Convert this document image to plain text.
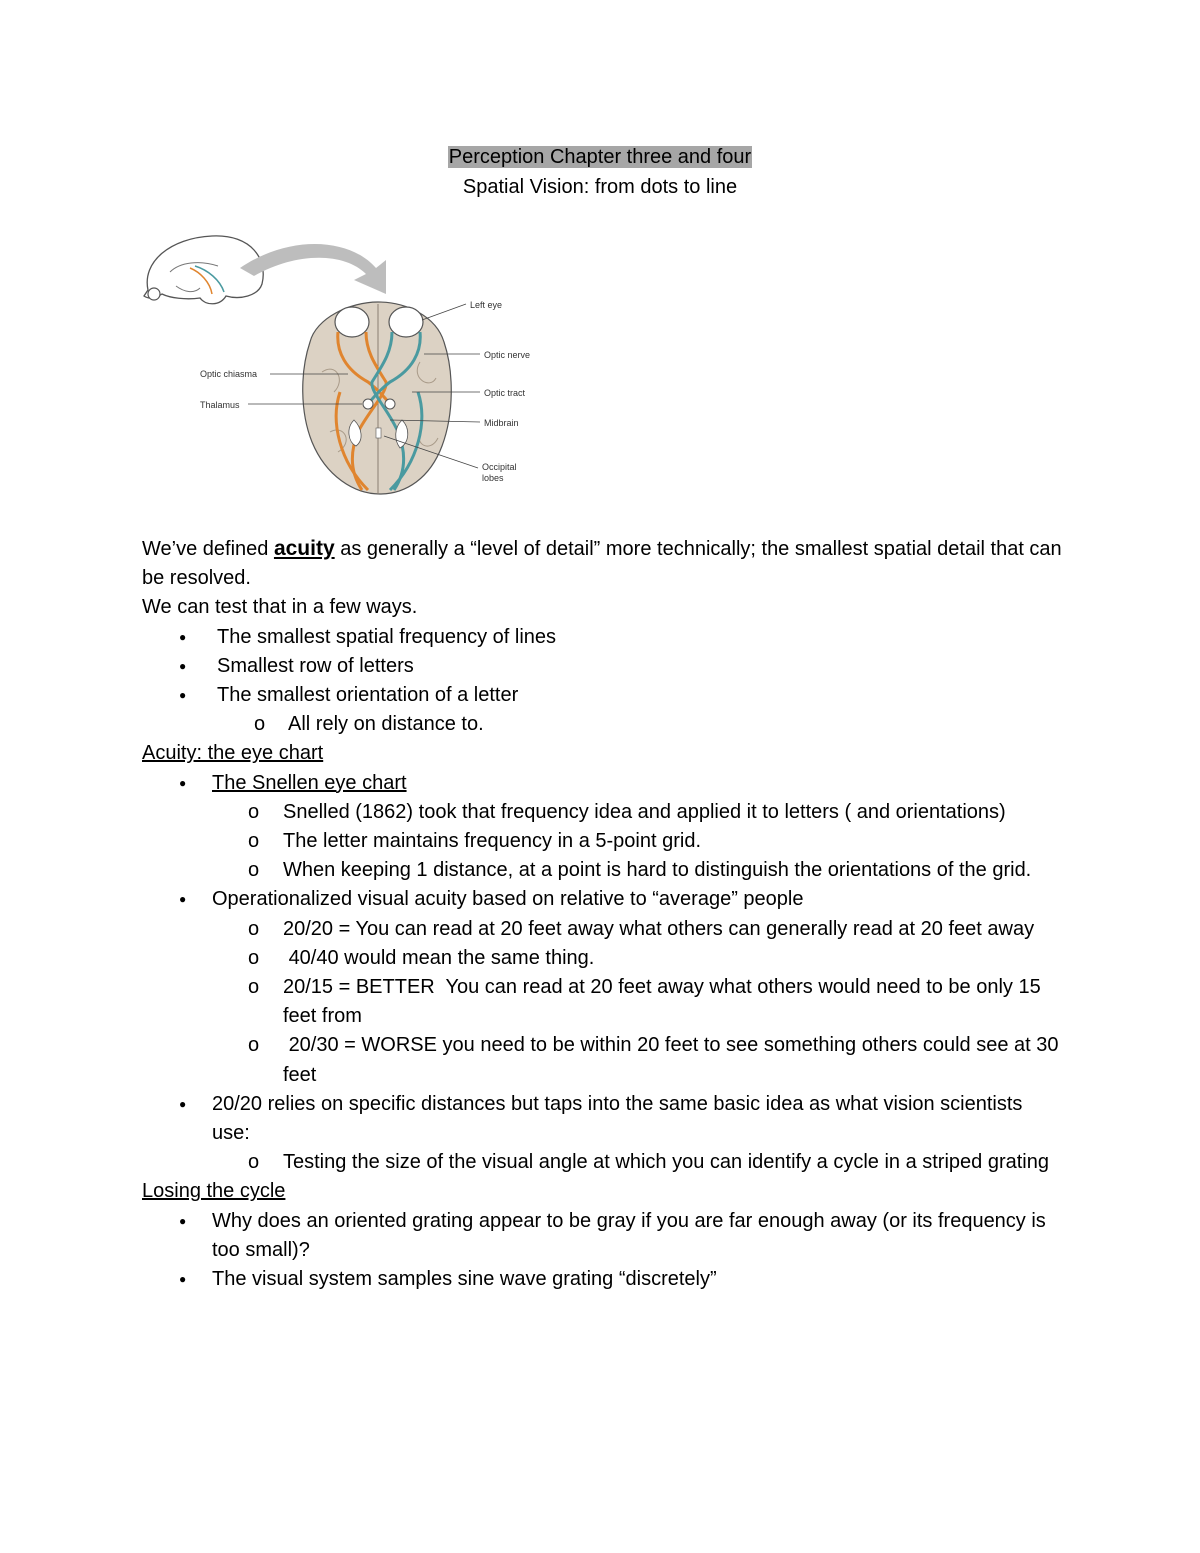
Perception Chapter three and four
Spatial Vision: from dots to line
Left eye
Optic nerve
Optic tract
Midbrain
Occipital
lobes
Optic chiasma
Thalamus

We’ve defined acuity as generally a “level of detail” more technically; the smallest spatial detail that can be resolved.

We can test that in a few ways.

● The smallest spatial frequency of lines
● Smallest row of letters
● The smallest orientation of a letter
o All rely on distance to.

Acuity: the eye chart

● The Snellen eye chart
o Snelled (1862) took that frequency idea and applied it to letters ( and orientations)
o The letter maintains frequency in a 5-point grid.
o When keeping 1 distance, at a point is hard to distinguish the orientations of the grid.
● Operationalized visual acuity based on relative to “average” people
o 20/20 = You can read at 20 feet away what others can generally read at 20 feet away
o  40/40 would mean the same thing.
o 20/15 = BETTER  You can read at 20 feet away what others would need to be only 15 feet from
o  20/30 = WORSE you need to be within 20 feet to see something others could see at 30 feet
● 20/20 relies on specific distances but taps into the same basic idea as what vision scientists use:
o Testing the size of the visual angle at which you can identify a cycle in a striped grating

Losing the cycle

● Why does an oriented grating appear to be gray if you are far enough away (or its frequency is too small)?
● The visual system samples sine wave grating “discretely”
